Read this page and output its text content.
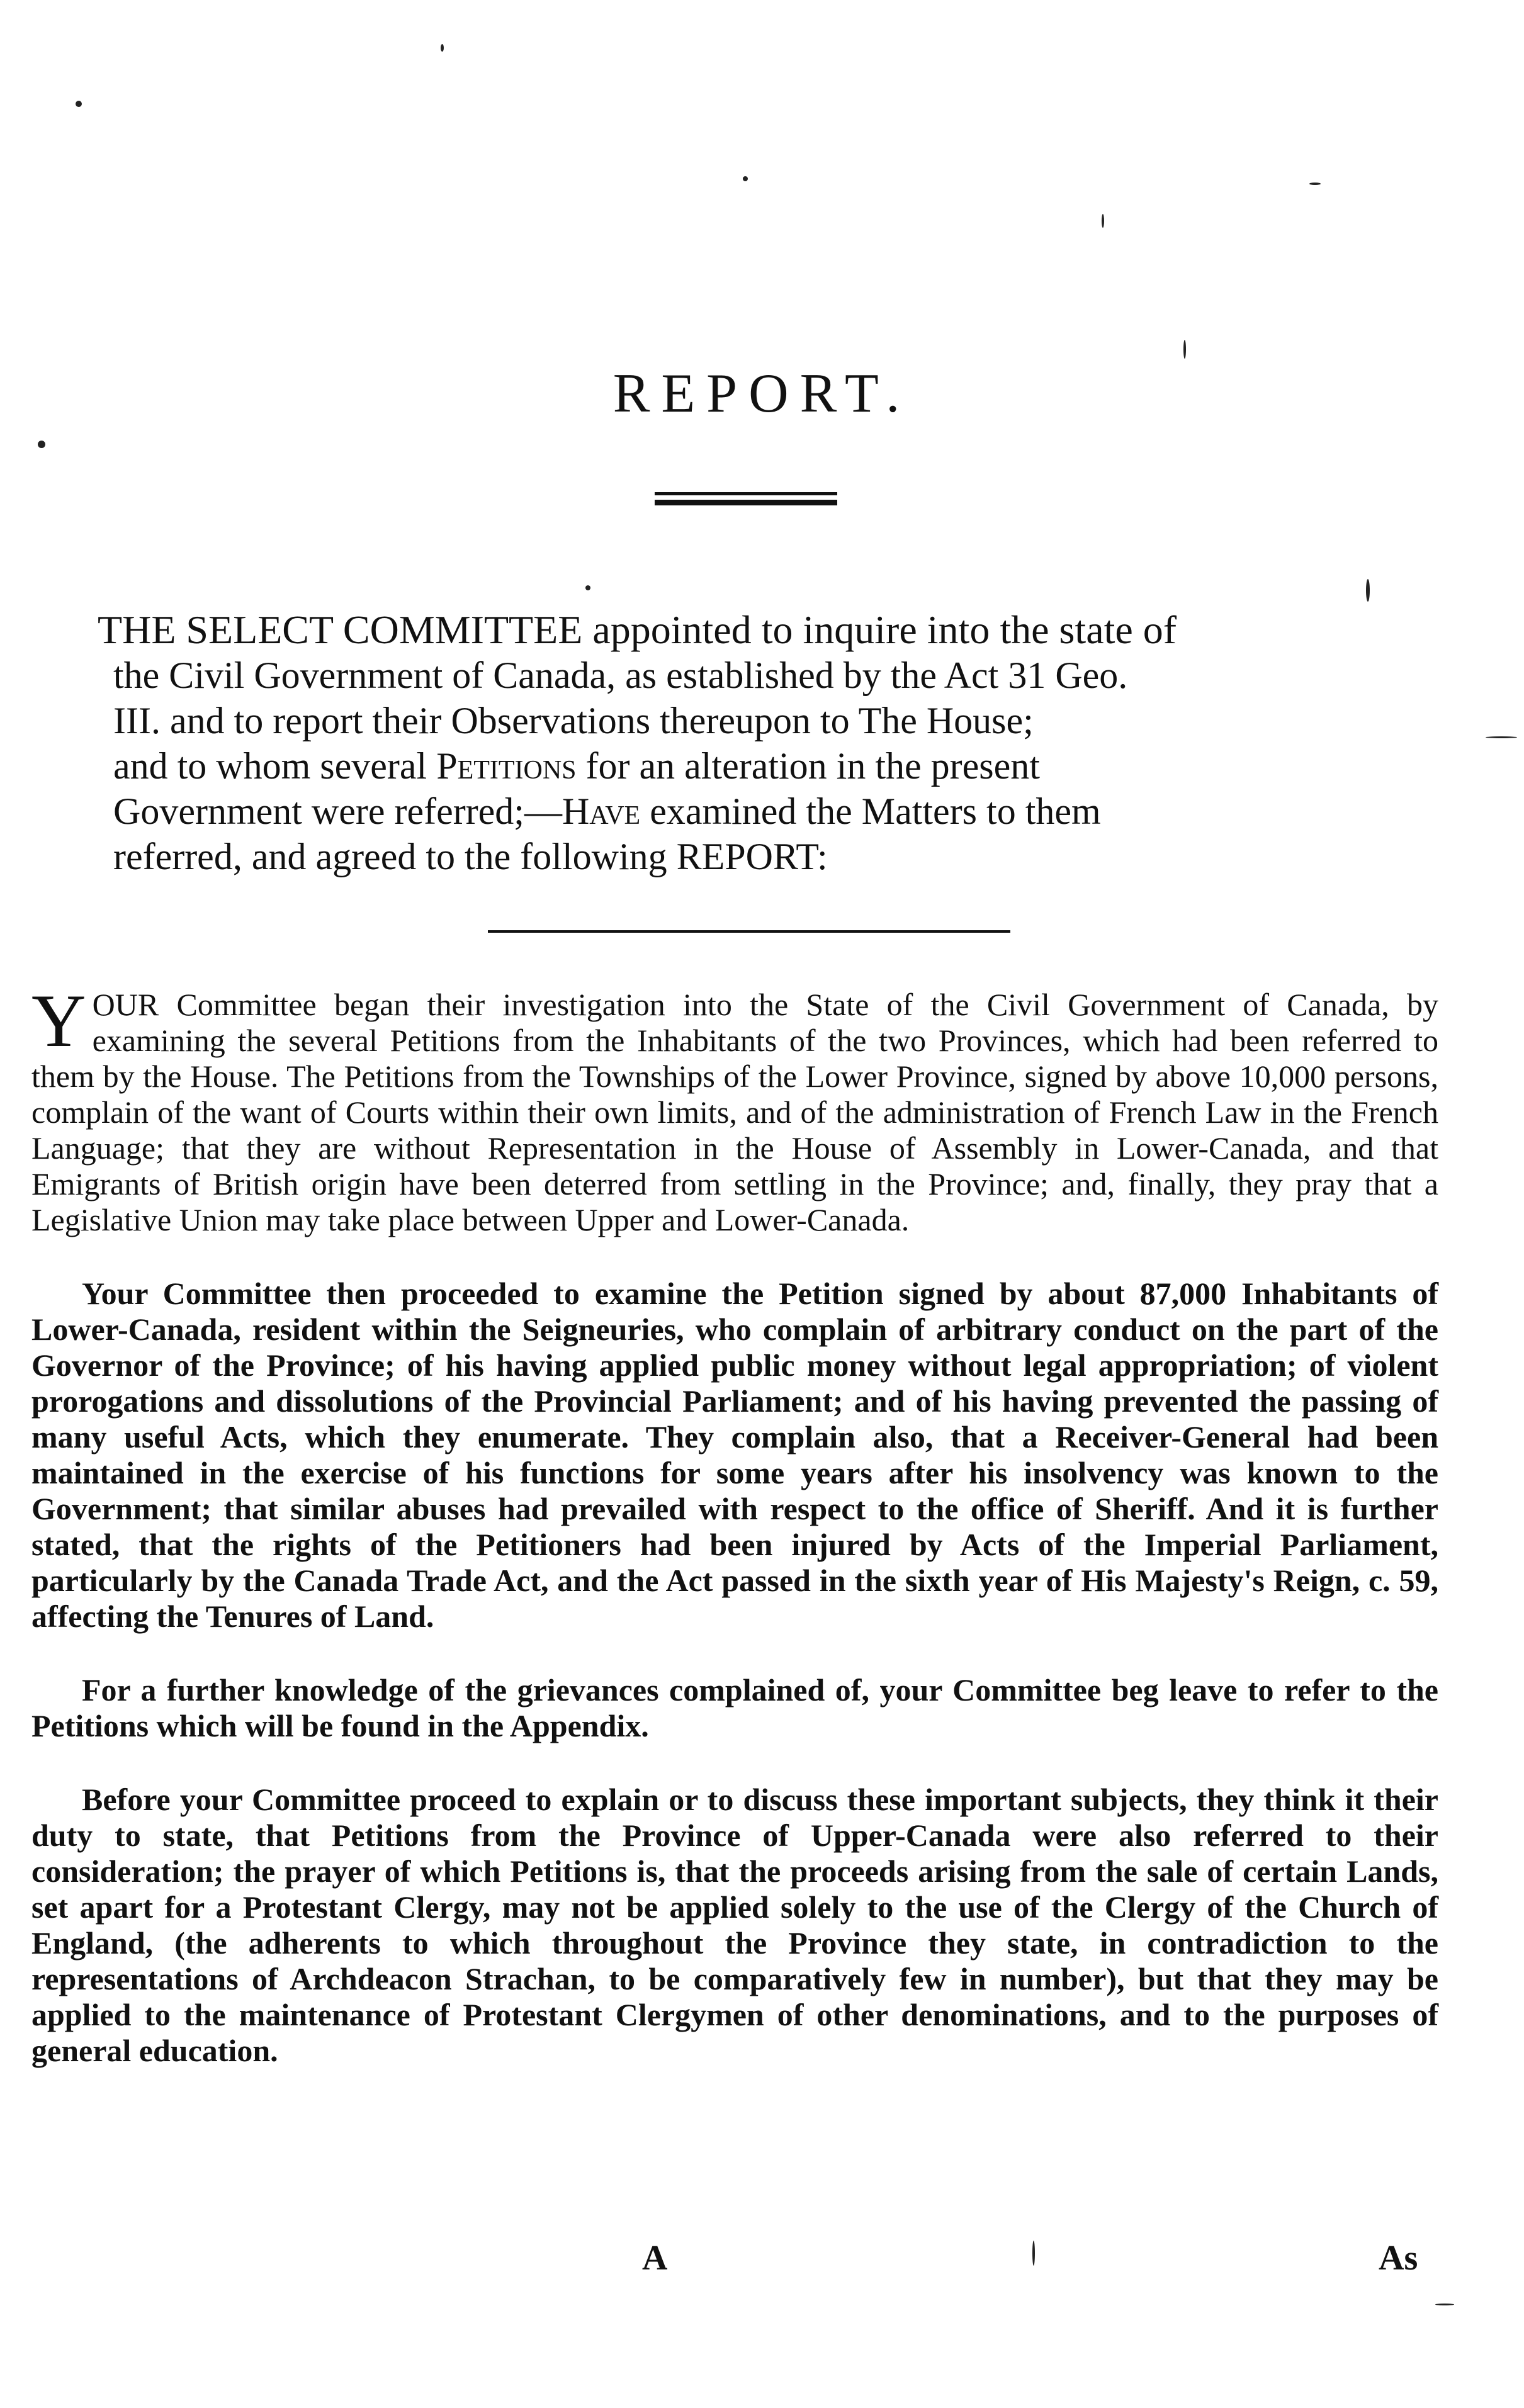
REPORT.
THE SELECT COMMITTEE appointed to inquire into the state of
the Civil Government of Canada, as established by the Act 31 Geo.
III. and to report their Observations thereupon to The House;
and to whom several Petitions for an alteration in the present
Government were referred;—Have examined the Matters to them
referred, and agreed to the following REPORT:

YOUR Committee began their investigation into the State of the Civil Government of Canada, by examining the several Petitions from the Inhabitants of the two Provinces, which had been referred to them by the House. The Petitions from the Townships of the Lower Province, signed by above 10,000 persons, complain of the want of Courts within their own limits, and of the administration of French Law in the French Language; that they are without Representation in the House of Assembly in Lower-Canada, and that Emigrants of British origin have been deterred from settling in the Province; and, finally, they pray that a Legislative Union may take place between Upper and Lower-Canada.

Your Committee then proceeded to examine the Petition signed by about 87,000 Inhabitants of Lower-Canada, resident within the Seigneuries, who complain of arbitrary conduct on the part of the Governor of the Province; of his having applied public money without legal appropriation; of violent prorogations and dissolutions of the Provincial Parliament; and of his having prevented the passing of many useful Acts, which they enumerate. They complain also, that a Receiver-General had been maintained in the exercise of his functions for some years after his insolvency was known to the Government; that similar abuses had prevailed with respect to the office of Sheriff. And it is further stated, that the rights of the Petitioners had been injured by Acts of the Imperial Parliament, particularly by the Canada Trade Act, and the Act passed in the sixth year of His Majesty's Reign, c. 59, affecting the Tenures of Land.

For a further knowledge of the grievances complained of, your Committee beg leave to refer to the Petitions which will be found in the Appendix.

Before your Committee proceed to explain or to discuss these important subjects, they think it their duty to state, that Petitions from the Province of Upper-Canada were also referred to their consideration; the prayer of which Petitions is, that the proceeds arising from the sale of certain Lands, set apart for a Protestant Clergy, may not be applied solely to the use of the Clergy of the Church of England, (the adherents to which throughout the Province they state, in contradiction to the representations of Archdeacon Strachan, to be comparatively few in number), but that they may be applied to the maintenance of Protestant Clergymen of other denominations, and to the purposes of general education.

A	As
